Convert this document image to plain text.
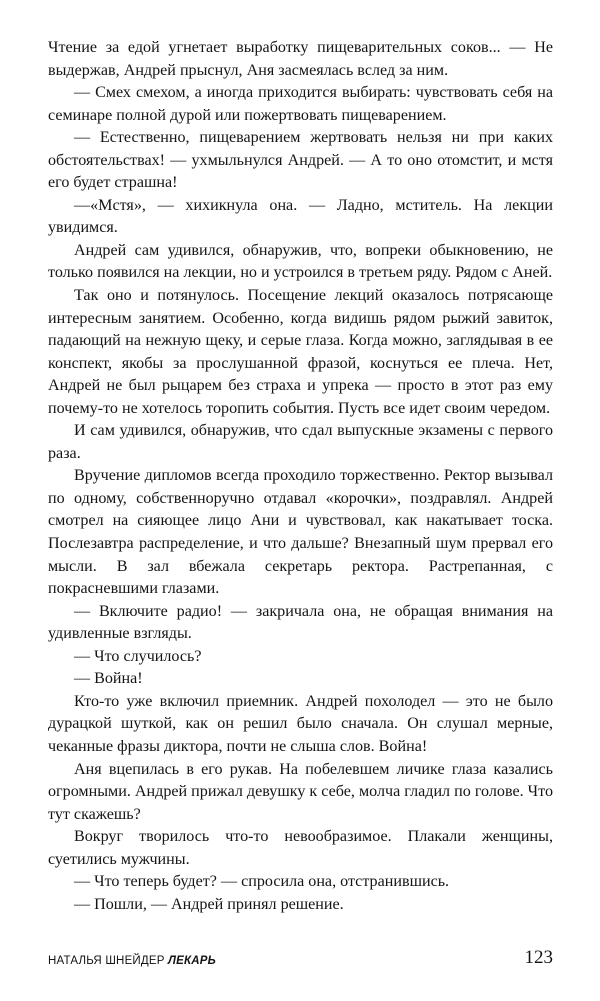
Чтение за едой угнетает выработку пищеварительных соков... — Не выдержав, Андрей прыснул, Аня засмеялась вслед за ним.

— Смех смехом, а иногда приходится выбирать: чувствовать себя на семинаре полной дурой или пожертвовать пищеварением.

— Естественно, пищеварением жертвовать нельзя ни при каких обстоятельствах! — ухмыльнулся Андрей. — А то оно отомстит, и мстя его будет страшна!

—«Мстя», — хихикнула она. — Ладно, мститель. На лекции увидимся.

Андрей сам удивился, обнаружив, что, вопреки обыкновению, не только появился на лекции, но и устроился в третьем ряду. Рядом с Аней.

Так оно и потянулось. Посещение лекций оказалось потрясающе интересным занятием. Особенно, когда видишь рядом рыжий завиток, падающий на нежную щеку, и серые глаза. Когда можно, заглядывая в ее конспект, якобы за прослушанной фразой, коснуться ее плеча. Нет, Андрей не был рыцарем без страха и упрека — просто в этот раз ему почему-то не хотелось торопить события. Пусть все идет своим чередом.

И сам удивился, обнаружив, что сдал выпускные экзамены с первого раза.

Вручение дипломов всегда проходило торжественно. Ректор вызывал по одному, собственноручно отдавал «корочки», поздравлял. Андрей смотрел на сияющее лицо Ани и чувствовал, как накатывает тоска. Послезавтра распределение, и что дальше? Внезапный шум прервал его мысли. В зал вбежала секретарь ректора. Растрепанная, с покрасневшими глазами.

— Включите радио! — закричала она, не обращая внимания на удивленные взгляды.

— Что случилось?

— Война!

Кто-то уже включил приемник. Андрей похолодел — это не было дурацкой шуткой, как он решил было сначала. Он слушал мерные, чеканные фразы диктора, почти не слыша слов. Война!

Аня вцепилась в его рукав. На побелевшем личике глаза казались огромными. Андрей прижал девушку к себе, молча гладил по голове. Что тут скажешь?

Вокруг творилось что-то невообразимое. Плакали женщины, суетились мужчины.

— Что теперь будет? — спросила она, отстранившись.

— Пошли, — Андрей принял решение.

НАТАЛЬЯ ШНЕЙДЕР ЛЕКАРЬ	123
